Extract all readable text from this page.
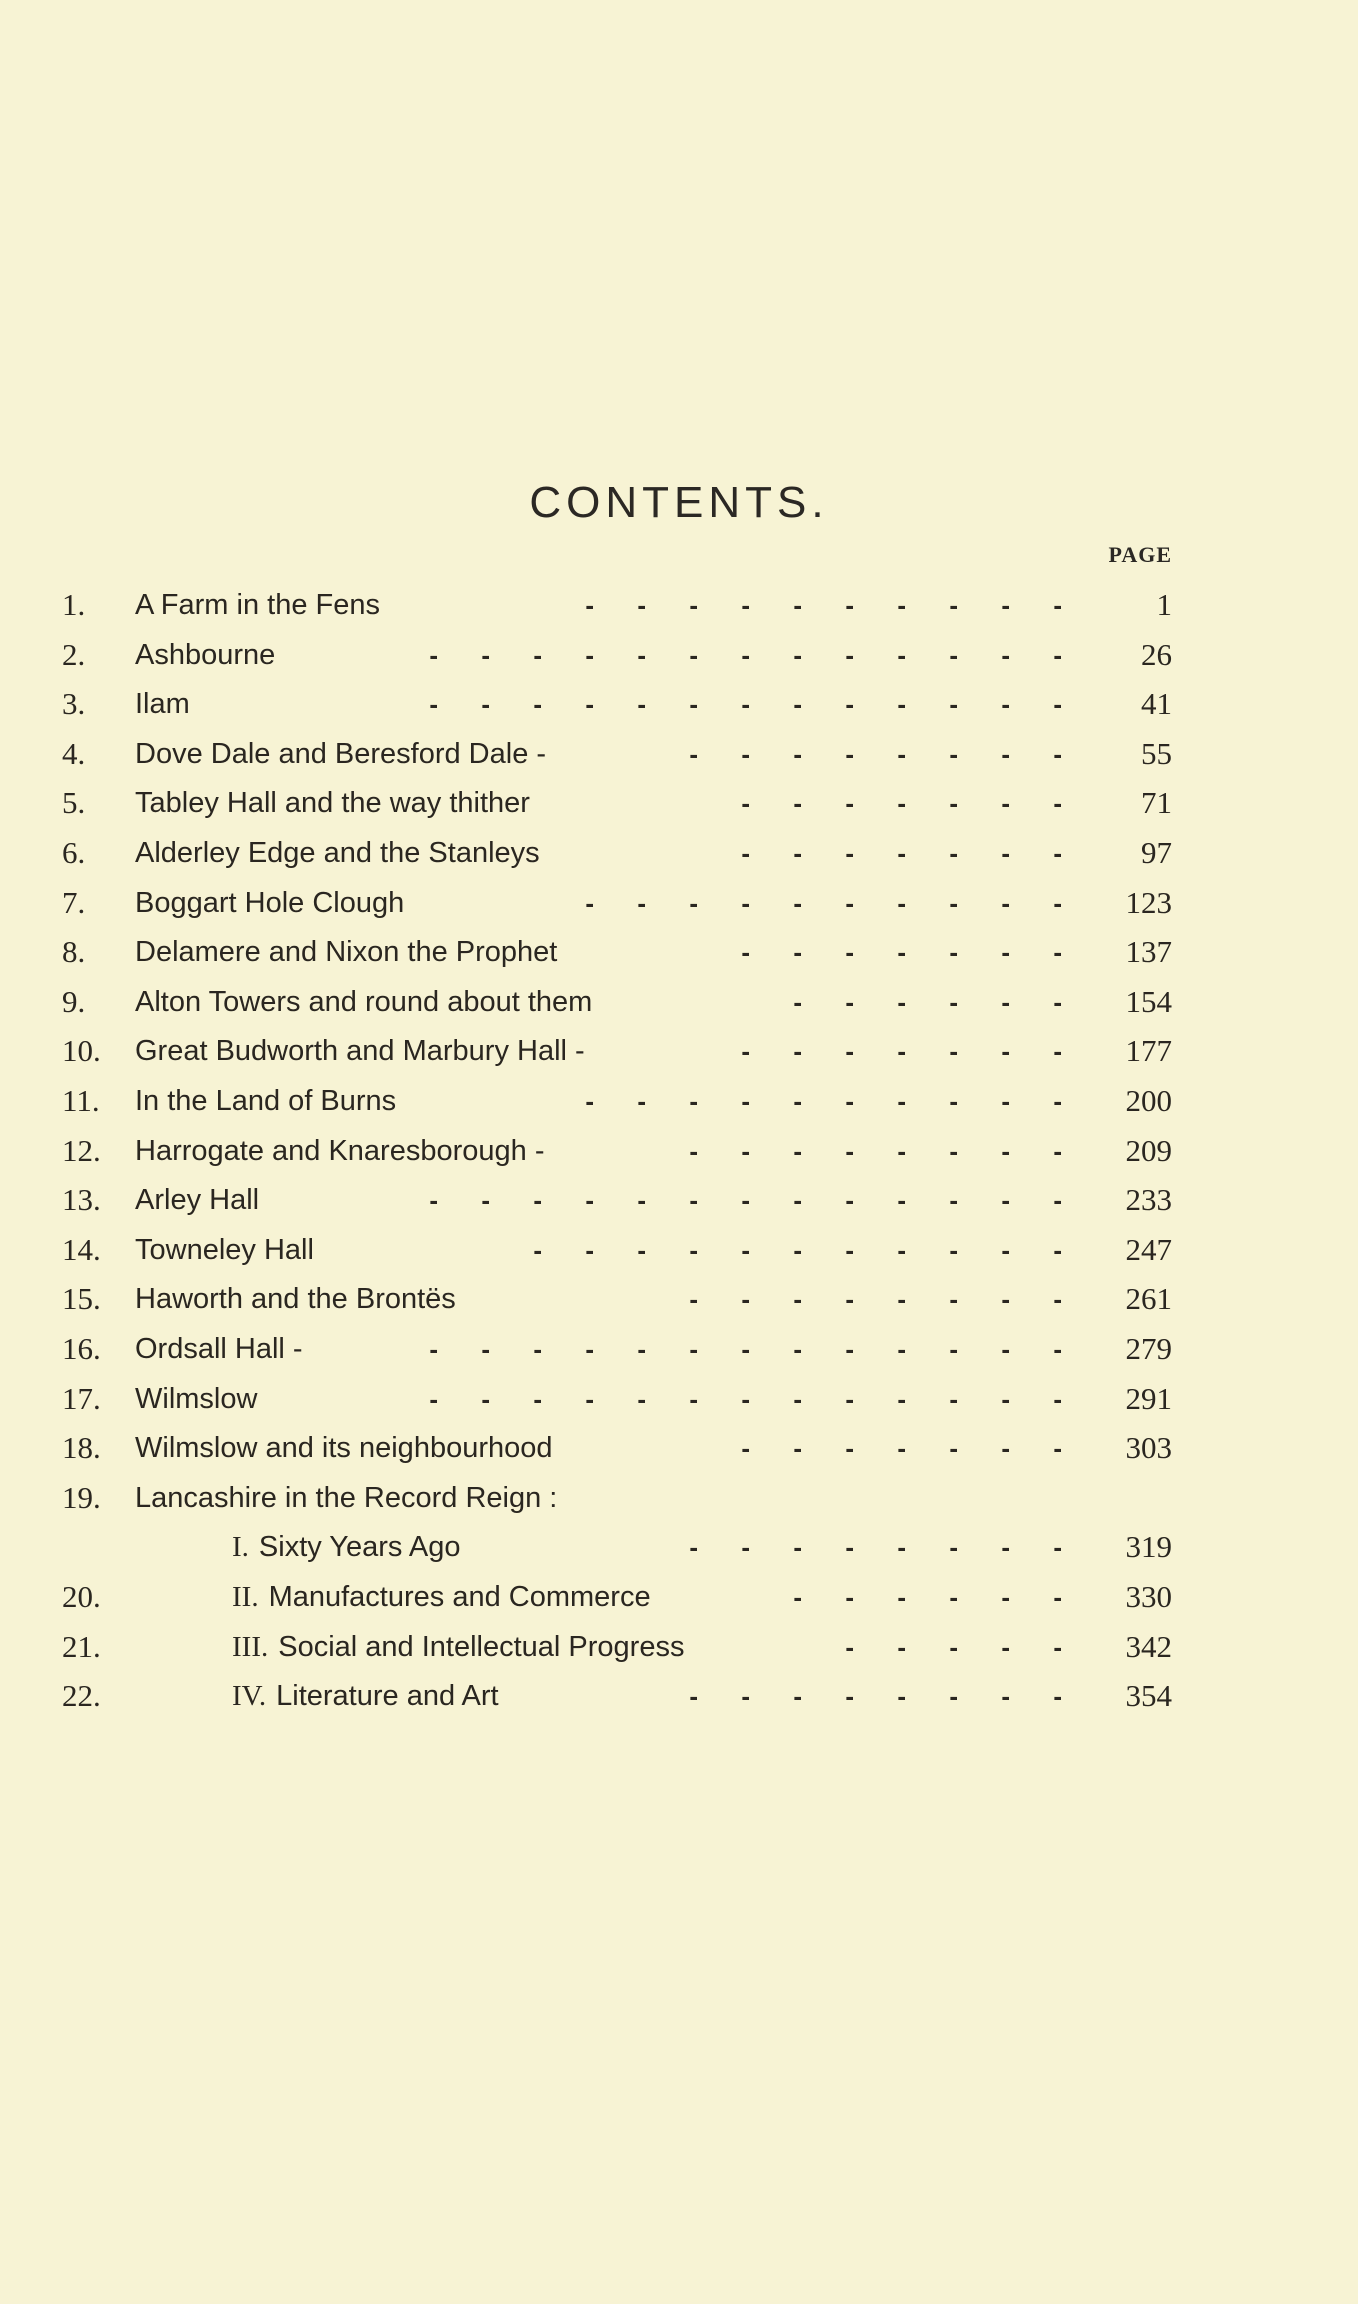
CONTENTS.
PAGE
1.	A Farm in the Fens	-      -      -      -      -      -      -      -      -      -	1
2.	Ashbourne	-      -      -      -      -      -      -      -      -      -      -      -      -	26
3.	Ilam	-      -      -      -      -      -      -      -      -      -      -      -      -	41
4.	Dove Dale and Beresford Dale -	-      -      -      -      -      -      -      -	55
5.	Tabley Hall and the way thither	-      -      -      -      -      -      -	71
6.	Alderley Edge and the Stanleys	-      -      -      -      -      -      -	97
7.	Boggart Hole Clough	-      -      -      -      -      -      -      -      -      -	123
8.	Delamere and Nixon the Prophet	-      -      -      -      -      -      -	137
9.	Alton Towers and round about them	-      -      -      -      -      -	154
10.	Great Budworth and Marbury Hall -	-      -      -      -      -      -      -	177
11.	In the Land of Burns	-      -      -      -      -      -      -      -      -      -	200
12.	Harrogate and Knaresborough -	-      -      -      -      -      -      -      -	209
13.	Arley Hall	-      -      -      -      -      -      -      -      -      -      -      -      -	233
14.	Towneley Hall	-      -      -      -      -      -      -      -      -      -      -	247
15.	Haworth and the Brontës	-      -      -      -      -      -      -      -	261
16.	Ordsall Hall -	-      -      -      -      -      -      -      -      -      -      -      -      -	279
17.	Wilmslow	-      -      -      -      -      -      -      -      -      -      -      -      -	291
18.	Wilmslow and its neighbourhood	-      -      -      -      -      -      -	303
19.	Lancashire in the Record Reign :
I. Sixty Years Ago	-      -      -      -      -      -      -      -	319
20.	II. Manufactures and Commerce	-      -      -      -      -      -	330
21.	III. Social and Intellectual Progress	-      -      -      -      -	342
22.	IV. Literature and Art	-      -      -      -      -      -      -      -	354
